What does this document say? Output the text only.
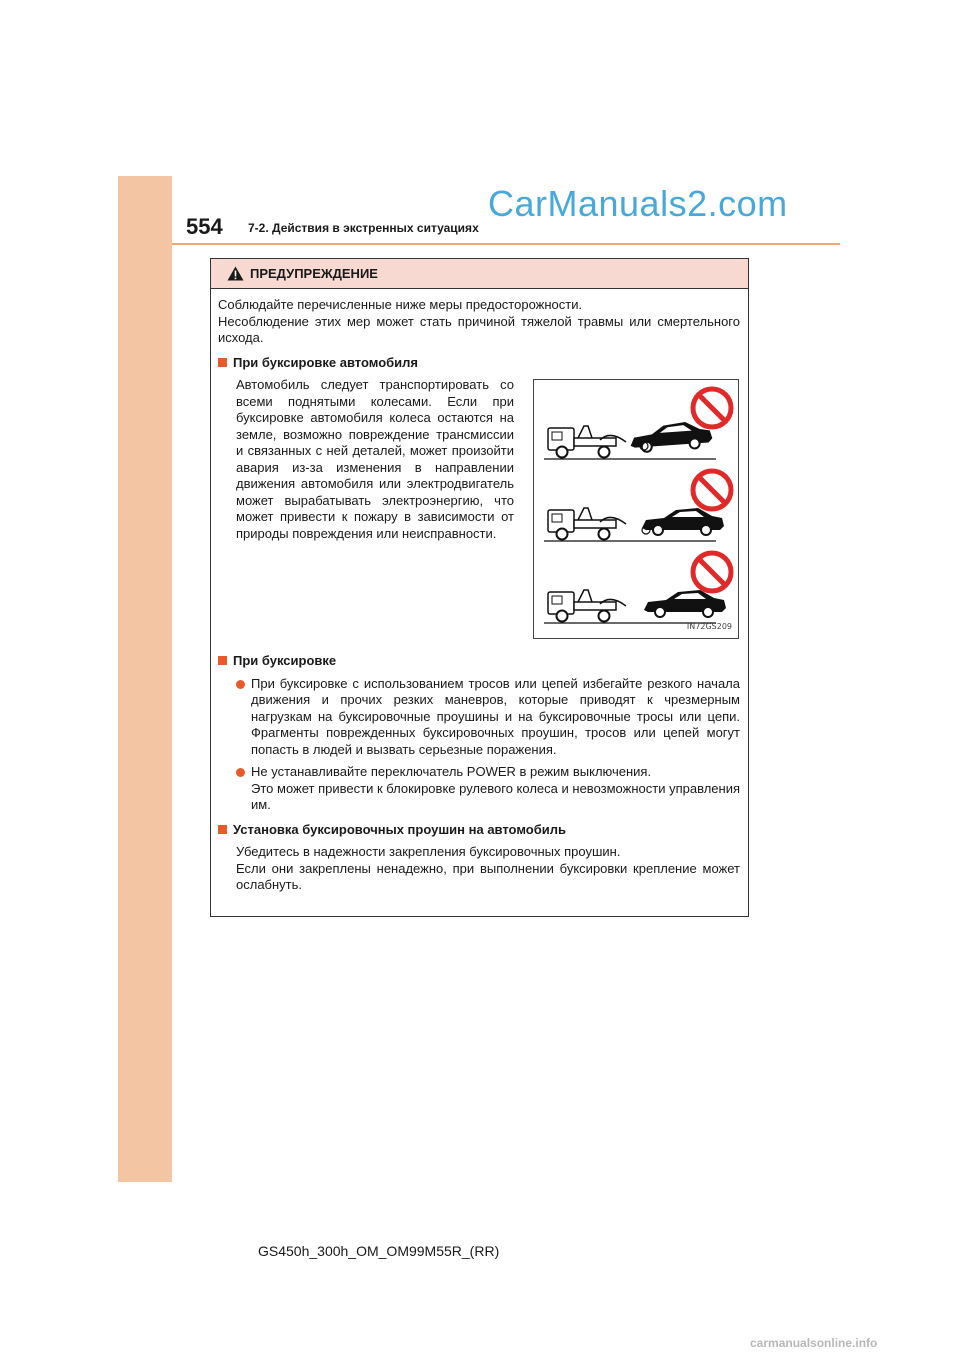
554 7-2. Действия в экстренных ситуациях
CarManuals2.com
ПРЕДУПРЕЖДЕНИЕ

Соблюдайте перечисленные ниже меры предосторожности.

Несоблюдение этих мер может стать причиной тяжелой травмы или смертельного исхода.

При буксировке автомобиля
Автомобиль следует транспортировать со всеми поднятыми колесами. Если при буксировке автомобиля колеса остаются на земле, возможно повреждение трансмиссии и связанных с ней деталей, может произойти авария из-за изменения в направлении движения автомобиля или электродвигатель может вырабатывать электроэнергию, что может привести к пожару в зависимости от природы повреждения или неисправности.
IN72GS209
При буксировке
При буксировке с использованием тросов или цепей избегайте резкого начала движения и прочих резких маневров, которые приводят к чрезмерным нагрузкам на буксировочные проушины и на буксировочные тросы или цепи. Фрагменты поврежденных буксировочных проушин, тросов или цепей могут попасть в людей и вызвать серьезные поражения.
Не устанавливайте переключатель POWER в режим выключения.
Это может привести к блокировке рулевого колеса и невозможности управления им.
Установка буксировочных проушин на автомобиль
Убедитесь в надежности закрепления буксировочных проушин.
Если они закреплены ненадежно, при выполнении буксировки крепление может ослабнуть.
GS450h_300h_OM_OM99M55R_(RR)
carmanualsonline.info
